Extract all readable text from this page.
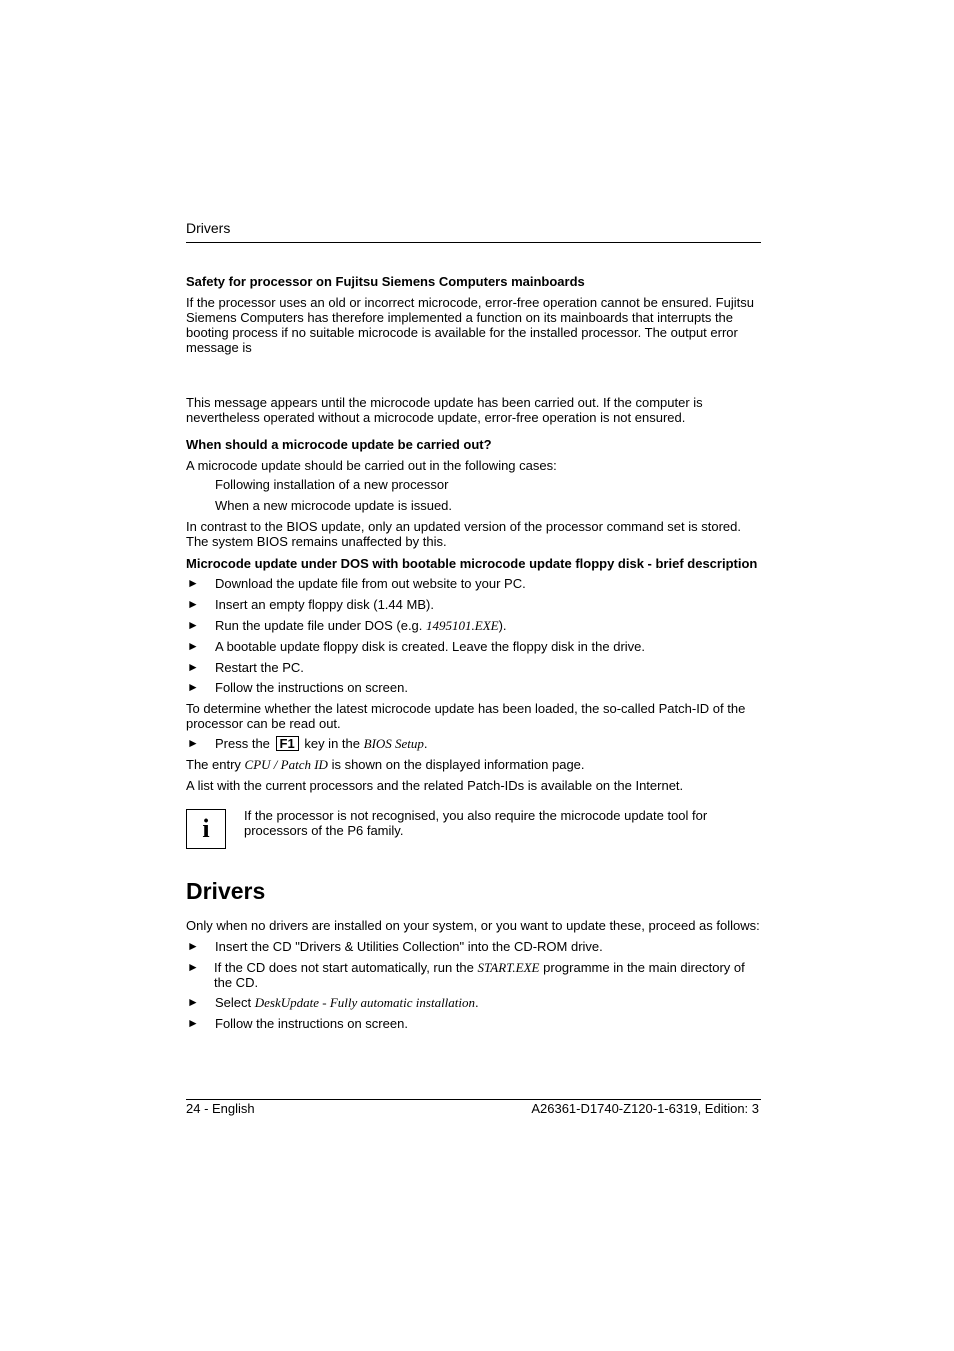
Drivers
Safety for processor on Fujitsu Siemens Computers mainboards
If the processor uses an old or incorrect microcode, error-free operation cannot be ensured. Fujitsu Siemens Computers has therefore implemented a function on its mainboards that interrupts the booting process if no suitable microcode is available for the installed processor. The output error message is
This message appears until the microcode update has been carried out. If the computer is nevertheless operated without a microcode update, error-free operation is not ensured.
When should a microcode update be carried out?
A microcode update should be carried out in the following cases:
Following installation of a new processor
When a new microcode update is issued.
In contrast to the BIOS update, only an updated version of the processor command set is stored. The system BIOS remains unaffected by this.
Microcode update under DOS with bootable microcode update floppy disk - brief description
► Download the update file from out website to your PC.
► Insert an empty floppy disk (1.44 MB).
► Run the update file under DOS (e.g. 1495101.EXE).
► A bootable update floppy disk is created. Leave the floppy disk in the drive.
► Restart the PC.
► Follow the instructions on screen.
To determine whether the latest microcode update has been loaded, the so-called Patch-ID of the processor can be read out.
► Press the F1 key in the BIOS Setup.
The entry CPU / Patch ID is shown on the displayed information page.
A list with the current processors and the related Patch-IDs is available on the Internet.
i	If the processor is not recognised, you also require the microcode update tool for processors of the P6 family.
Drivers
Only when no drivers are installed on your system, or you want to update these, proceed as follows:
► Insert the CD "Drivers & Utilities Collection" into the CD-ROM drive.
► If the CD does not start automatically, run the START.EXE programme in the main directory of the CD.
► Select DeskUpdate - Fully automatic installation.
► Follow the instructions on screen.
24 - English	A26361-D1740-Z120-1-6319, Edition: 3
